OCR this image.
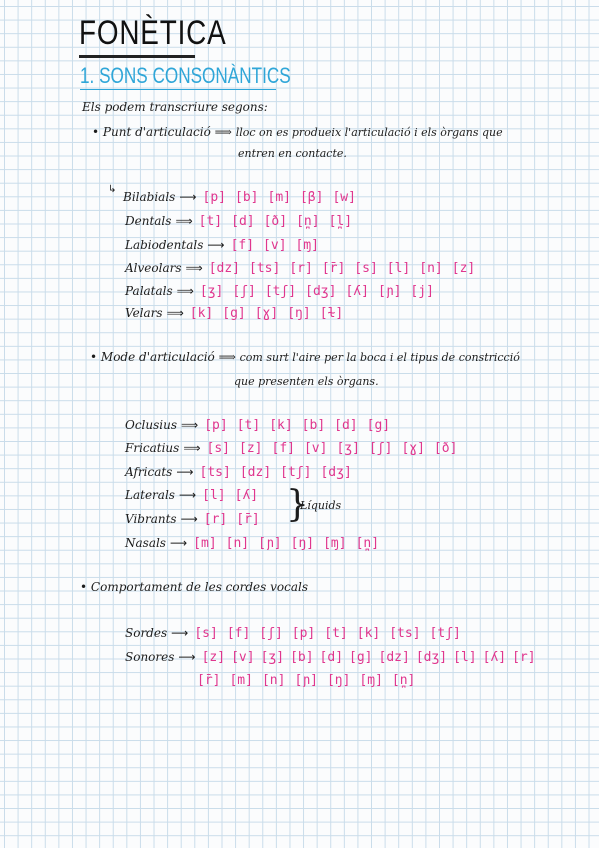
FONÈTICA
1. SONS CONSONÀNTICS
Els podem transcriure segons:
• Punt d'articulació ⟹ lloc on es produeix l'articulació i els òrgans que
entren en contacte.
↳
Bilabials ⟶ [p] [b] [m] [β] [w]
Dentals ⟹ [t] [d] [ð] [n̪] [l̪]
Labiodentals ⟶ [f] [v] [ɱ]
Alveolars ⟹ [dz] [ts] [r] [r̄] [s] [l] [n] [z]
Palatals ⟹ [ʒ] [ʃ] [tʃ] [dʒ] [ʎ] [ɲ] [j]
Velars ⟹ [k] [g] [ɣ] [ŋ] [ɫ]
• Mode d'articulació ⟹ com surt l'aire per la boca i el tipus de constricció
que presenten els òrgans.
Oclusius ⟹ [p] [t] [k] [b] [d] [g]
Fricatius ⟹ [s] [z] [f] [v] [ʒ] [ʃ] [ɣ] [ð]
Africats ⟶ [ts] [dz] [tʃ] [dʒ]
Laterals ⟶ [l] [ʎ]
Vibrants ⟶ [r] [r̄] }
Líquids
Nasals ⟶ [m] [n] [ɲ] [ŋ] [ɱ] [n̪]
• Comportament de les cordes vocals
Sordes ⟶ [s] [f] [ʃ] [p] [t] [k] [ts] [tʃ]
Sonores ⟶ [z] [v] [ʒ] [b] [d] [g] [dz] [dʒ] [l] [ʎ] [r]
[r̄] [m] [n] [ɲ] [ŋ] [ɱ] [n̪]
